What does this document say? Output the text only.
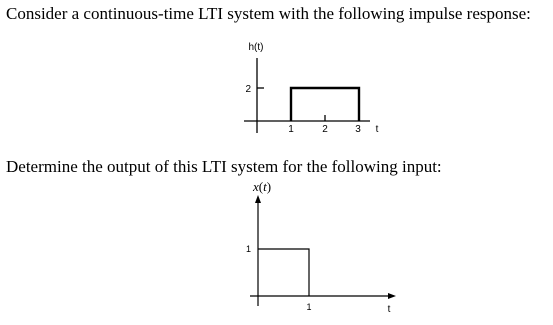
Consider a continuous-time LTI system with the following impulse response:
h(t)
2
1	2	3 t
Determine the output of this LTI system for the following input:
x(t)
1
1	t
